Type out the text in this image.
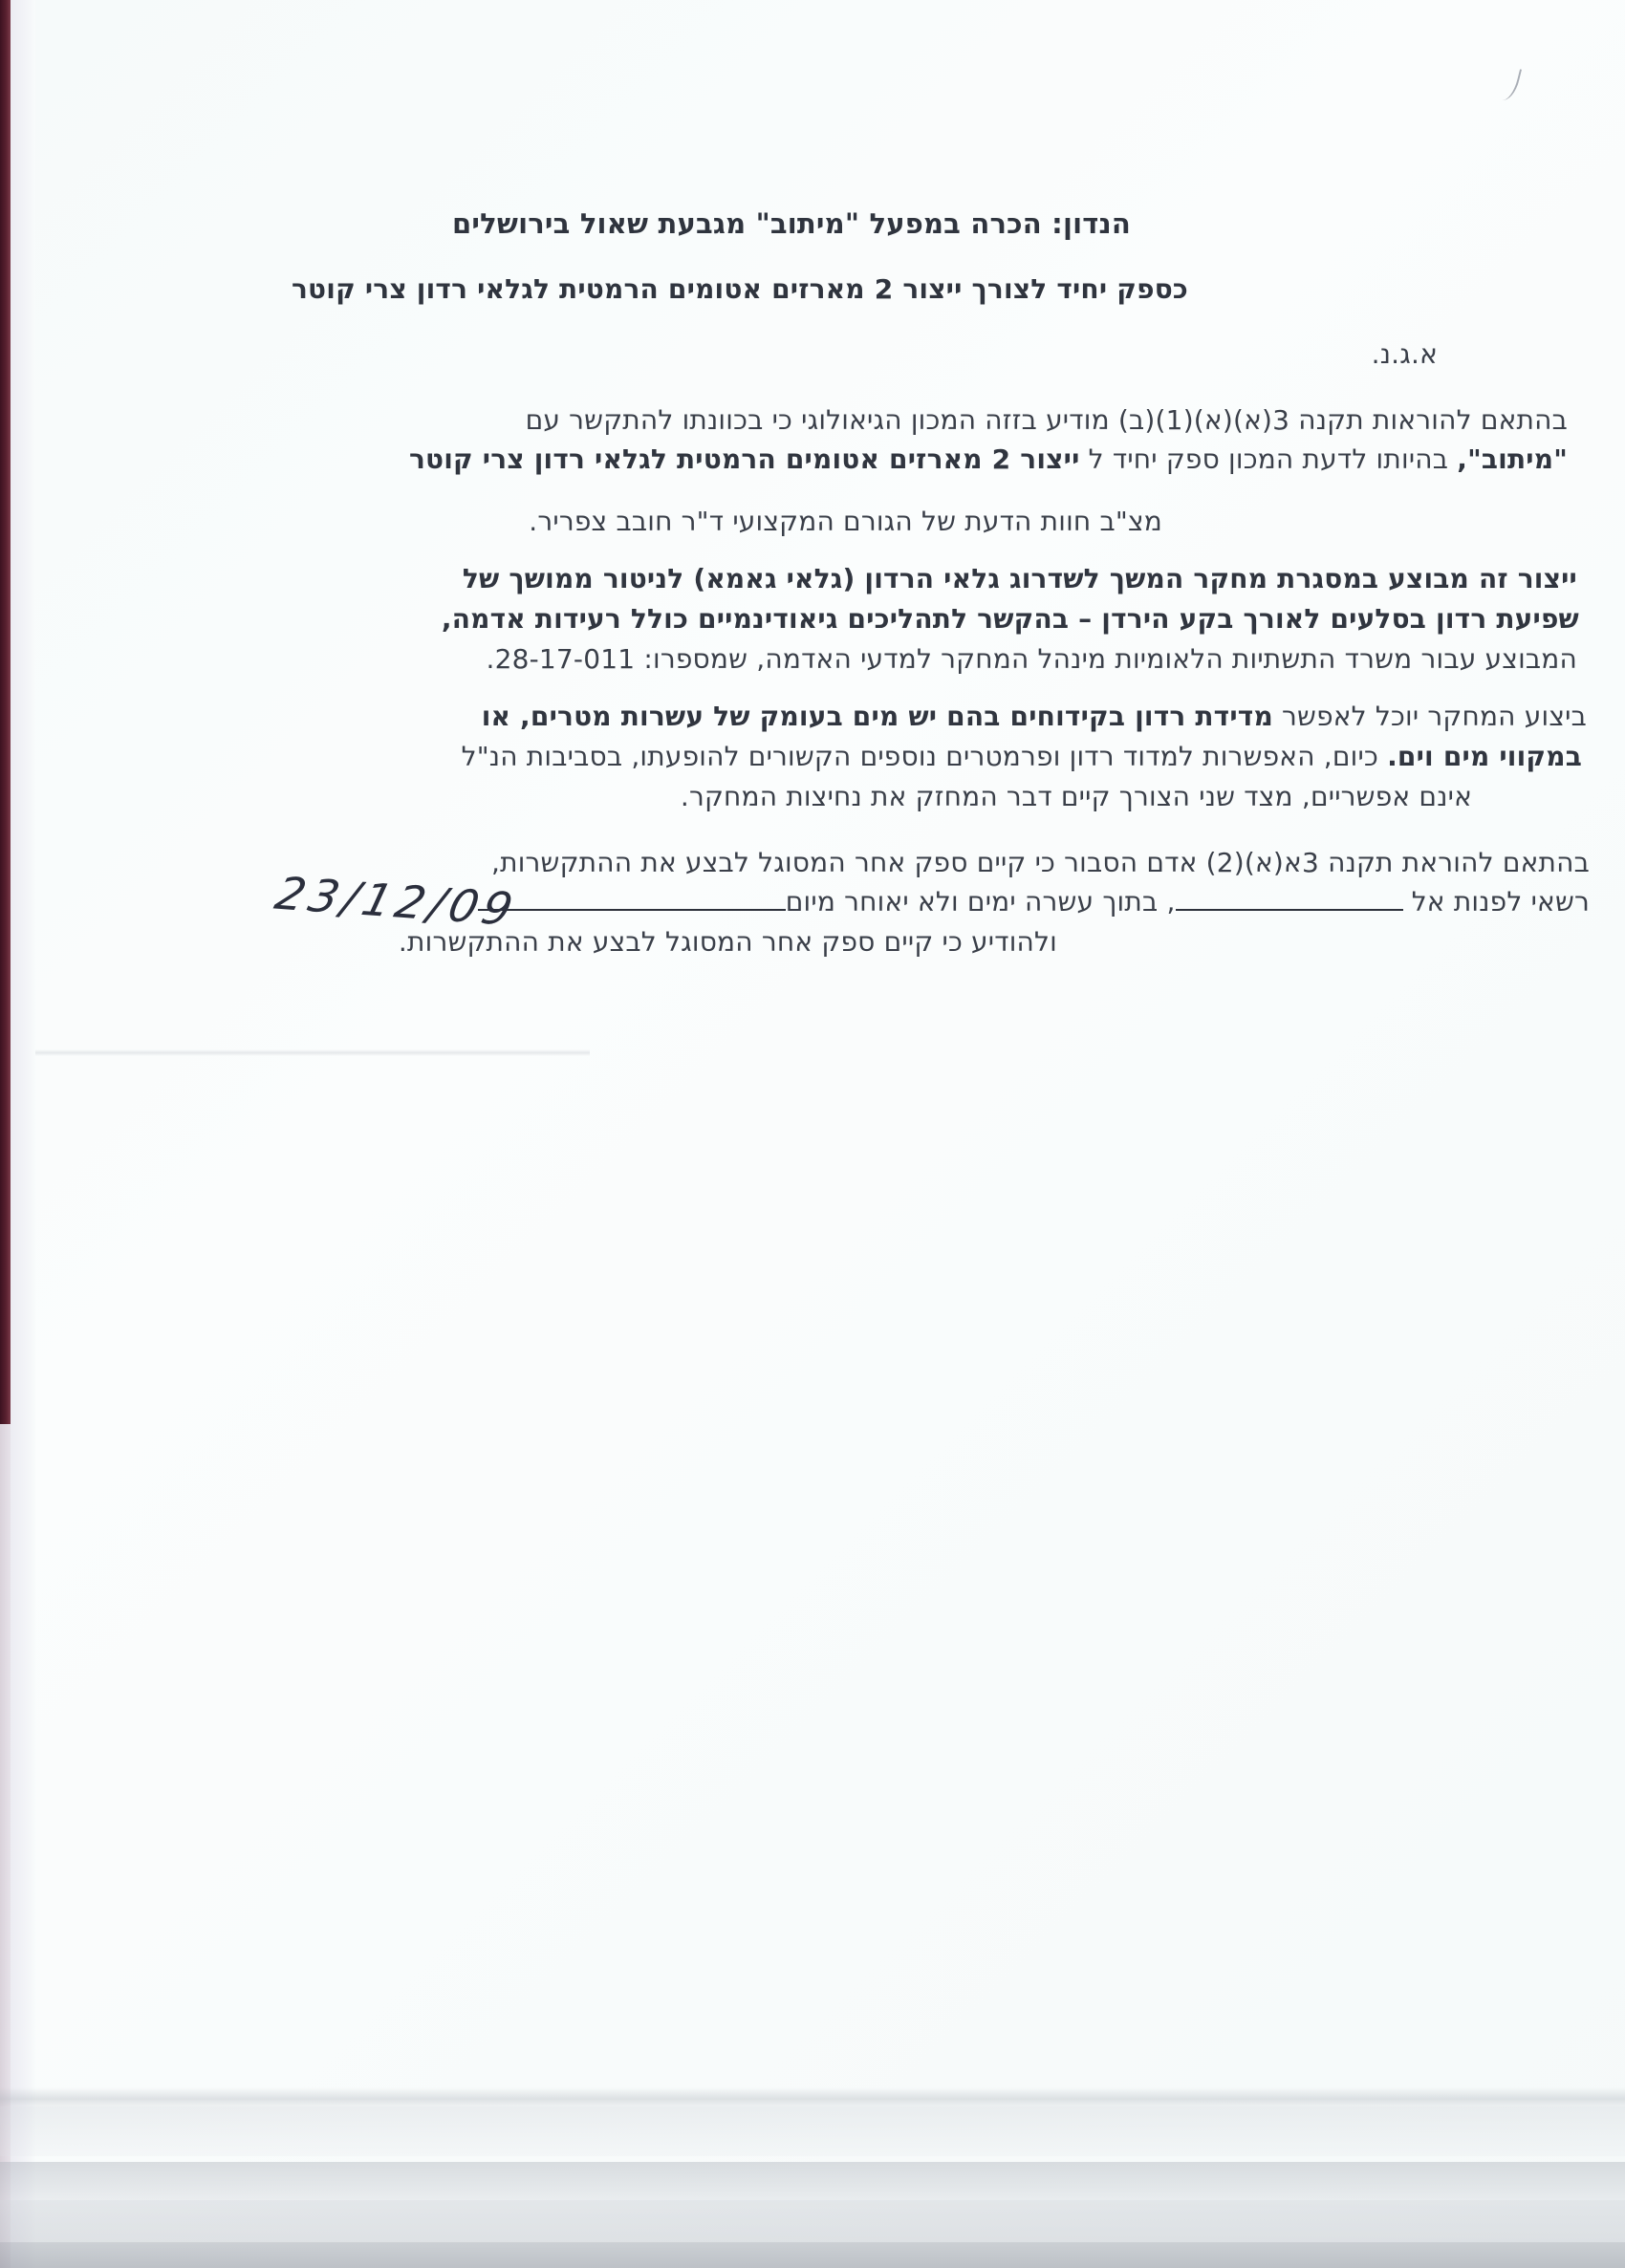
הנדון: הכרה במפעל "מיתוב" מגבעת שאול בירושלים
כספק יחיד לצורך ייצור 2 מארזים אטומים הרמטית לגלאי רדון צרי קוטר
א.ג.נ.
בהתאם להוראות תקנה 3(א)(א)(1)(ב) מודיע בזזה המכון הגיאולוגי כי בכוונתו להתקשר עם
"מיתוב", בהיותו לדעת המכון ספק יחיד ל ייצור 2 מארזים אטומים הרמטית לגלאי רדון צרי קוטר
מצ"ב חוות הדעת של הגורם המקצועי ד"ר חובב צפריר.
ייצור זה מבוצע במסגרת מחקר המשך לשדרוג גלאי הרדון (גלאי גאמא) לניטור ממושך של
שפיעת רדון בסלעים לאורך בקע הירדן – בהקשר לתהליכים גיאודינמיים כולל רעידות אדמה,
המבוצע עבור משרד התשתיות הלאומיות מינהל המחקר למדעי האדמה, שמספרו: 28-17-011.
ביצוע המחקר יוכל לאפשר מדידת רדון בקידוחים בהם יש מים בעומק של עשרות מטרים, או
במקווי מים וים. כיום, האפשרות למדוד רדון ופרמטרים נוספים הקשורים להופעתו, בסביבות הנ"ל
אינם אפשריים, מצד שני הצורך קיים דבר המחזק את נחיצות המחקר.
בהתאם להוראת תקנה 3א(א)(2) אדם הסבור כי קיים ספק אחר המסוגל לבצע את ההתקשרות,
רשאי לפנות אל , בתוך עשרה ימים ולא יאוחר מיום
ולהודיע כי קיים ספק אחר המסוגל לבצע את ההתקשרות.
23/12/09
